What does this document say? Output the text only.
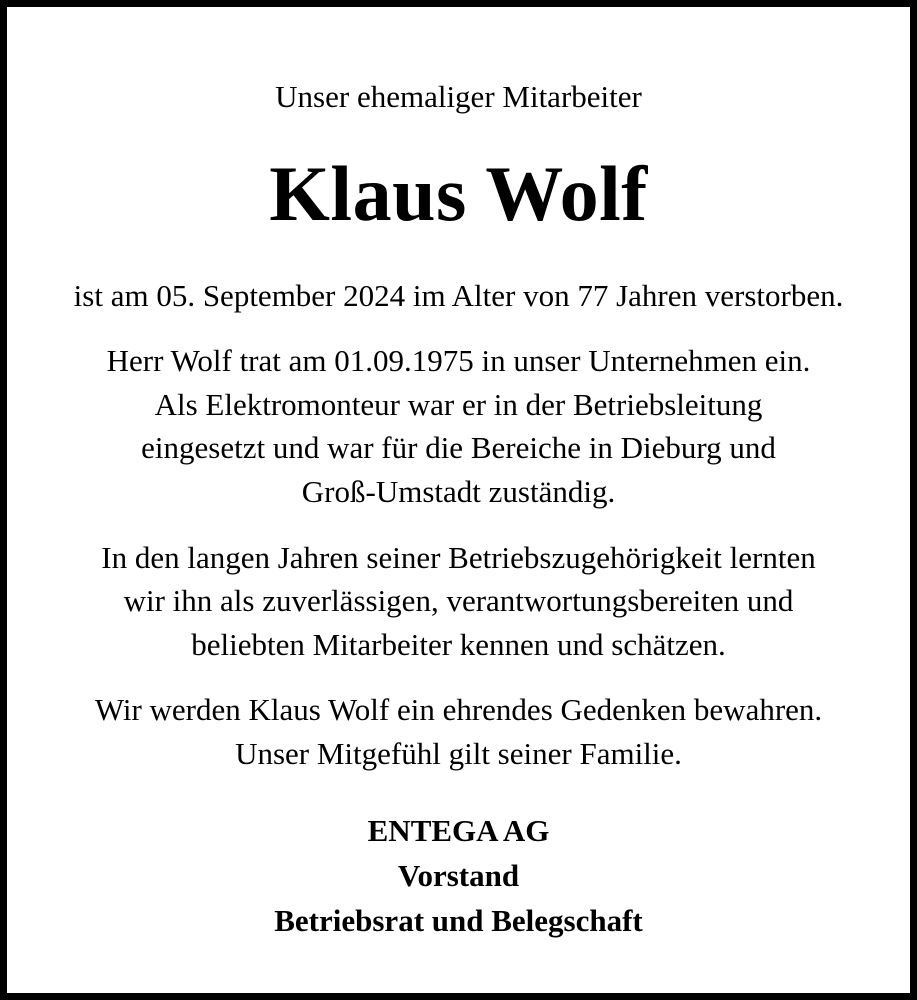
Unser ehemaliger Mitarbeiter
Klaus Wolf
ist am 05. September 2024 im Alter von 77 Jahren verstorben.
Herr Wolf trat am 01.09.1975 in unser Unternehmen ein.
Als Elektromonteur war er in der Betriebsleitung
eingesetzt und war für die Bereiche in Dieburg und
Groß-Umstadt zuständig.
In den langen Jahren seiner Betriebszugehörigkeit lernten
wir ihn als zuverlässigen, verantwortungsbereiten und
beliebten Mitarbeiter kennen und schätzen.
Wir werden Klaus Wolf ein ehrendes Gedenken bewahren.
Unser Mitgefühl gilt seiner Familie.
ENTEGA AG
Vorstand
Betriebsrat und Belegschaft
